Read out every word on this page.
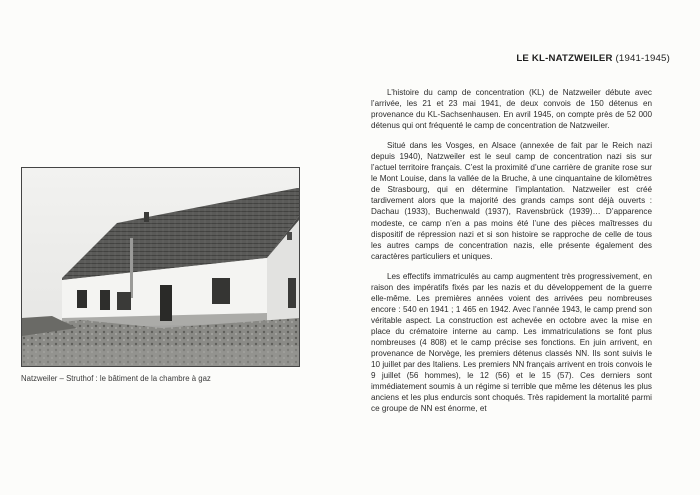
Natzweiler – Struthof : le bâtiment de la chambre à gaz
LE KL-NATZWEILER (1941-1945)

L’histoire du camp de concentration (KL) de Natzweiler débute avec l’arrivée, les 21 et 23 mai 1941, de deux convois de 150 détenus en provenance du KL-Sachsenhausen. En avril 1945, on compte près de 52 000 détenus qui ont fréquenté le camp de concentration de Natzweiler.

Situé dans les Vosges, en Alsace (annexée de fait par le Reich nazi depuis 1940), Natzweiler est le seul camp de concentration nazi sis sur l’actuel territoire français. C’est la proximité d’une carrière de granite rose sur le Mont Louise, dans la vallée de la Bruche, à une cinquantaine de kilomètres de Strasbourg, qui en détermine l’implantation. Natzweiler est créé tardivement alors que la majorité des grands camps sont déjà ouverts : Dachau (1933), Buchenwald (1937), Ravensbrück (1939)… D’apparence modeste, ce camp n’en a pas moins été l’une des pièces maîtresses du dispositif de répression nazi et si son histoire se rapproche de celle de tous les autres camps de concentration nazis, elle présente également des caractères particuliers et uniques.

Les effectifs immatriculés au camp augmentent très progressivement, en raison des impératifs fixés par les nazis et du développement de la guerre elle-même. Les premières années voient des arrivées peu nombreuses encore : 540 en 1941 ; 1 465 en 1942. Avec l’année 1943, le camp prend son véritable aspect. La construction est achevée en octobre avec la mise en place du crématoire interne au camp. Les immatriculations se font plus nombreuses (4 808) et le camp précise ses fonctions. En juin arrivent, en provenance de Norvège, les premiers détenus classés NN. Ils sont suivis le 10 juillet par des Italiens. Les premiers NN français arrivent en trois convois le 9 juillet (56 hommes), le 12 (56) et le 15 (57). Ces derniers sont immédiatement soumis à un régime si terrible que même les détenus les plus anciens et les plus endurcis sont choqués. Très rapidement la mortalité parmi ce groupe de NN est énorme, et
